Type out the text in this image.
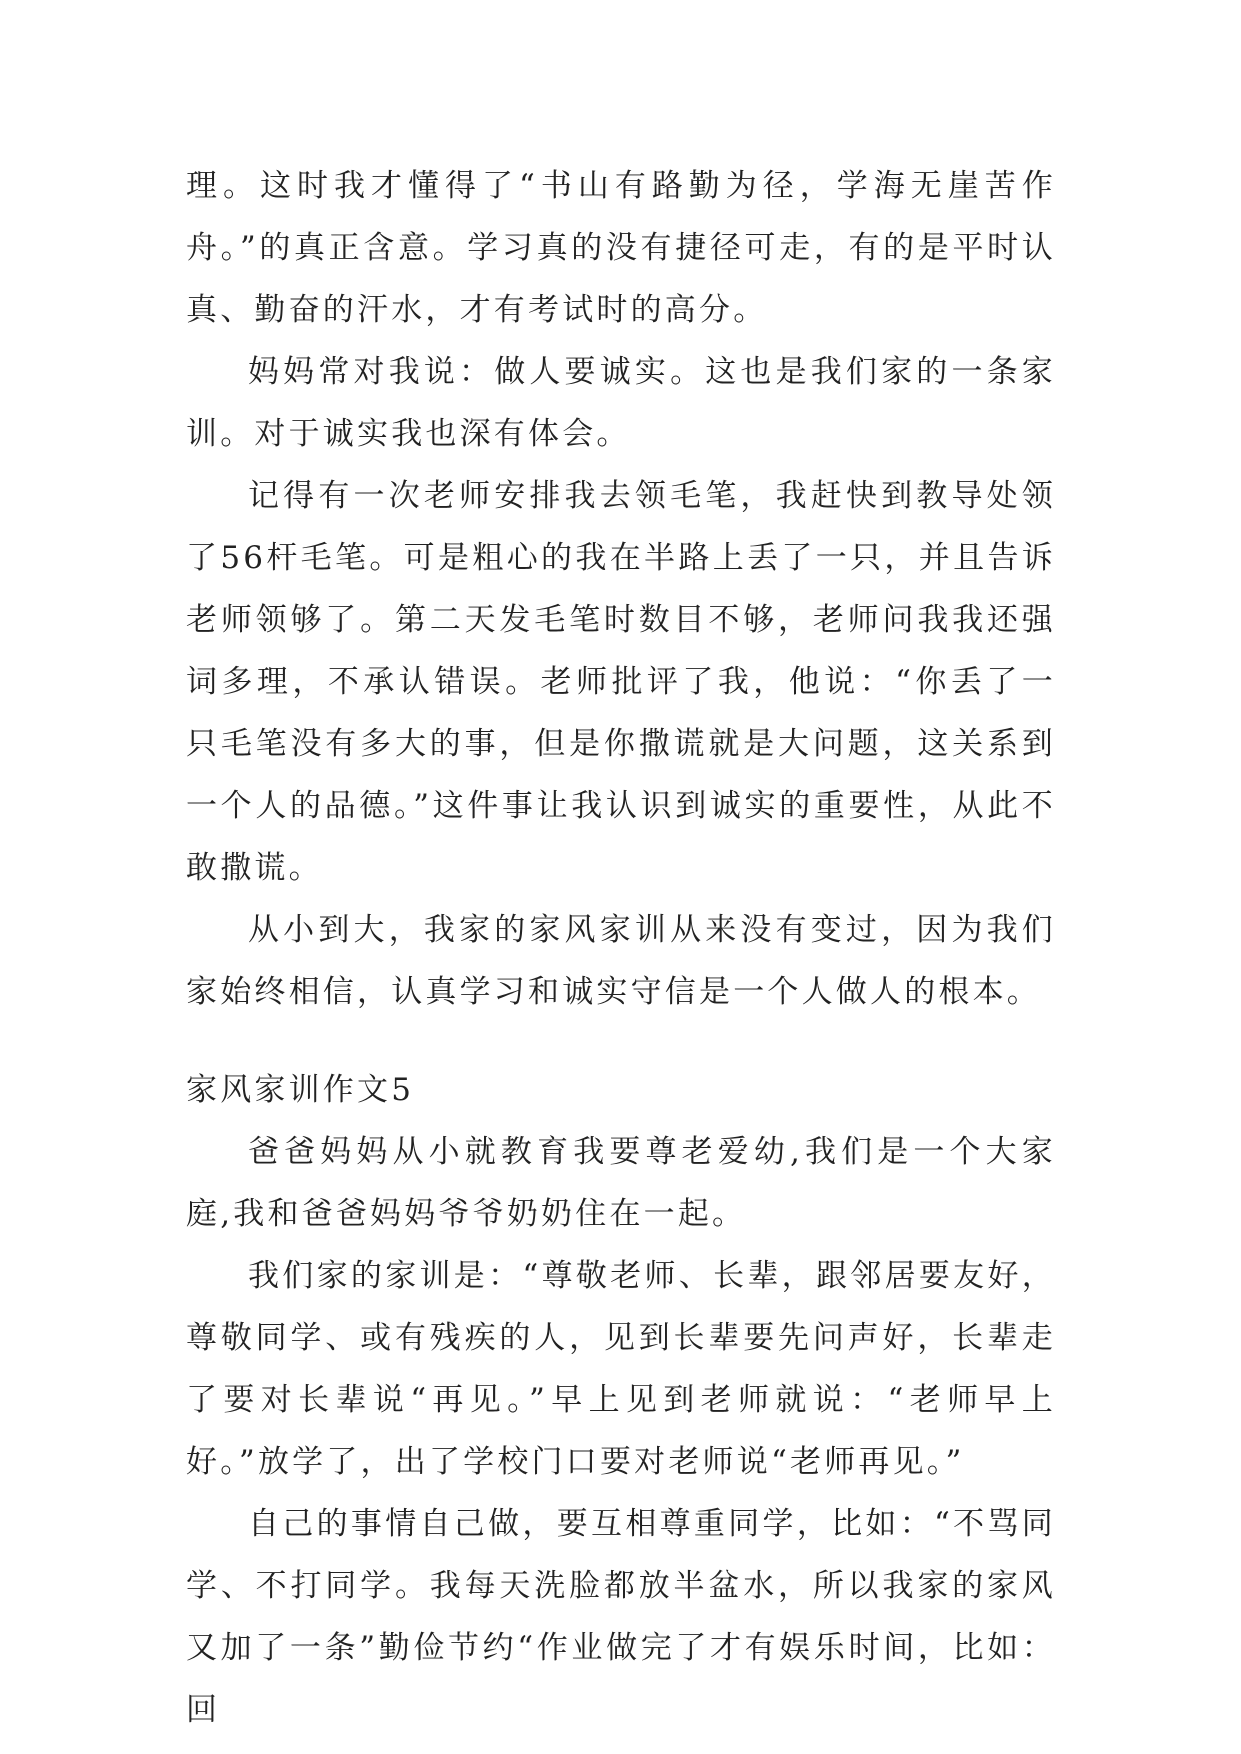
理。这时我才懂得了“书山有路勤为径，学海无崖苦作舟。”的真正含意。学习真的没有捷径可走，有的是平时认真、勤奋的汗水，才有考试时的高分。

妈妈常对我说：做人要诚实。这也是我们家的一条家训。对于诚实我也深有体会。

记得有一次老师安排我去领毛笔，我赶快到教导处领了56杆毛笔。可是粗心的我在半路上丢了一只，并且告诉老师领够了。第二天发毛笔时数目不够，老师问我我还强词多理，不承认错误。老师批评了我，他说：“你丢了一只毛笔没有多大的事，但是你撒谎就是大问题，这关系到一个人的品德。”这件事让我认识到诚实的重要性，从此不敢撒谎。

从小到大，我家的家风家训从来没有变过，因为我们家始终相信，认真学习和诚实守信是一个人做人的根本。

家风家训作文5

爸爸妈妈从小就教育我要尊老爱幼,我们是一个大家庭,我和爸爸妈妈爷爷奶奶住在一起。

我们家的家训是：“尊敬老师、长辈，跟邻居要友好，尊敬同学、或有残疾的人，见到长辈要先问声好，长辈走了要对长辈说“再见。”早上见到老师就说：“老师早上好。”放学了，出了学校门口要对老师说“老师再见。”

自己的事情自己做，要互相尊重同学，比如：“不骂同学、不打同学。我每天洗脸都放半盆水，所以我家的家风又加了一条”勤俭节约“作业做完了才有娱乐时间，比如：回
